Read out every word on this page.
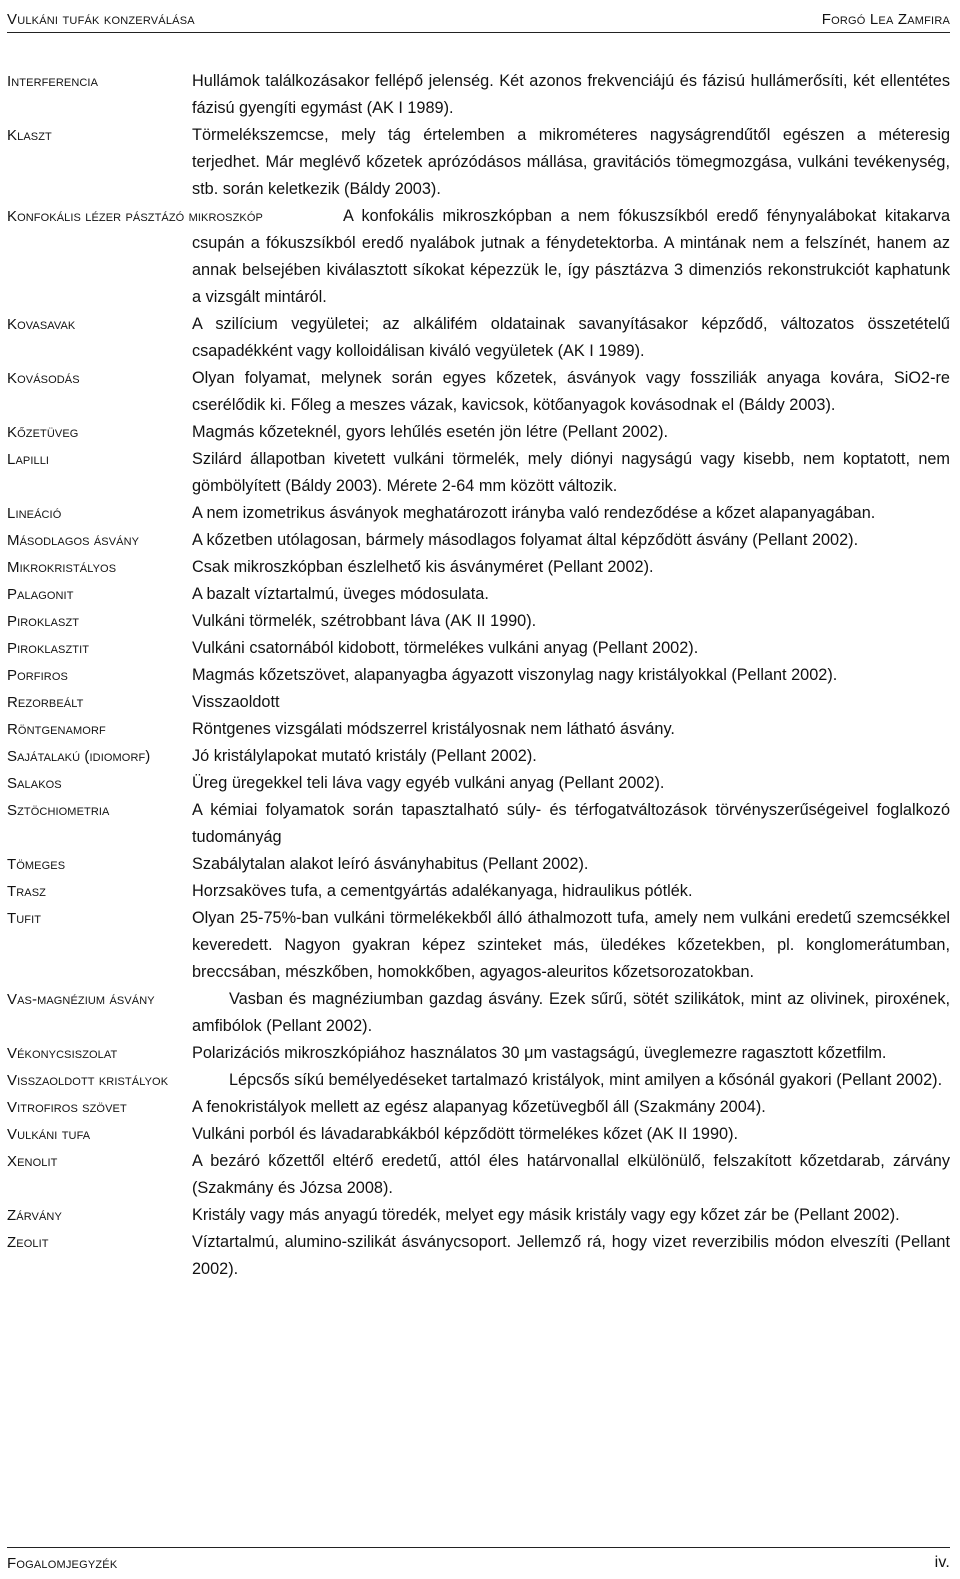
Vulkáni tufák konzerválása	Forgó Lea Zamfira
Interferencia	Hullámok találkozásakor fellépő jelenség. Két azonos frekvenciájú és fázisú hullámerősíti, két ellentétes fázisú gyengíti egymást (AK I 1989).
Klaszt	Törmelékszemcse, mely tág értelemben a mikrométeres nagyságrendűtől egészen a méteresig terjedhet. Már meglévő kőzetek aprózódásos mállása, gravitációs tömegmozgása, vulkáni tevékenység, stb. során keletkezik (Báldy 2003).
Konfokális lézer pásztázó mikroszkóp	A konfokális mikroszkópban a nem fókuszsíkból eredő fénynyalábokat kitakarva csupán a fókuszsíkból eredő nyalábok jutnak a fénydetektorba. A mintának nem a felszínét, hanem az annak belsejében kiválasztott síkokat képezzük le, így pásztázva 3 dimenziós rekonstrukciót kaphatunk a vizsgált mintáról.
Kovasavak	A szilícium vegyületei; az alkálifém oldatainak savanyításakor képződő, változatos összetételű csapadékként vagy kolloidálisan kiváló vegyületek (AK I 1989).
Kovásodás	Olyan folyamat, melynek során egyes kőzetek, ásványok vagy fossziliák anyaga kovára, SiO2-re cserélődik ki. Főleg a meszes vázak, kavicsok, kötőanyagok kovásodnak el (Báldy 2003).
Kőzetüveg	Magmás kőzeteknél, gyors lehűlés esetén jön létre (Pellant 2002).
Lapilli	Szilárd állapotban kivetett vulkáni törmelék, mely diónyi nagyságú vagy kisebb, nem koptatott, nem gömbölyített (Báldy 2003). Mérete 2-64 mm között változik.
Lineáció	A nem izometrikus ásványok meghatározott irányba való rendeződése a kőzet alapanyagában.
Másodlagos ásvány	A kőzetben utólagosan, bármely másodlagos folyamat által képződött ásvány (Pellant 2002).
Mikrokristályos	Csak mikroszkópban észlelhető kis ásványméret (Pellant 2002).
Palagonit	A bazalt víztartalmú, üveges módosulata.
Piroklaszt	Vulkáni törmelék, szétrobbant láva (AK II 1990).
Piroklasztit	Vulkáni csatornából kidobott, törmelékes vulkáni anyag (Pellant 2002).
Porfiros	Magmás kőzetszövet, alapanyagba ágyazott viszonylag nagy kristályokkal (Pellant 2002).
Rezorbeált	Visszaoldott
Röntgenamorf	Röntgenes vizsgálati módszerrel kristályosnak nem látható ásvány.
Sajátalakú (idiomorf)	Jó kristálylapokat mutató kristály (Pellant 2002).
Salakos	Üreg üregekkel teli láva vagy egyéb vulkáni anyag (Pellant 2002).
Sztöchiometria	A kémiai folyamatok során tapasztalható súly- és térfogatváltozások törvényszerűségeivel foglalkozó tudományág
Tömeges	Szabálytalan alakot leíró ásványhabitus (Pellant 2002).
Trasz	Horzsaköves tufa, a cementgyártás adalékanyaga, hidraulikus pótlék.
Tufit	Olyan 25-75%-ban vulkáni törmelékekből álló áthalmozott tufa, amely nem vulkáni eredetű szemcsékkel keveredett. Nagyon gyakran képez szinteket más, üledékes kőzetekben, pl. konglomerátumban, breccsában, mészkőben, homokkőben, agyagos-aleuritos kőzetsorozatokban.
Vas-magnézium ásvány	Vasban és magnéziumban gazdag ásvány. Ezek sűrű, sötét szilikátok, mint az olivinek, piroxének, amfibólok (Pellant 2002).
Vékonycsiszolat	Polarizációs mikroszkópiához használatos 30 μm vastagságú, üveglemezre ragasztott kőzetfilm.
Visszaoldott kristályok	Lépcsős síkú bemélyedéseket tartalmazó kristályok, mint amilyen a kősónál gyakori (Pellant 2002).
Vitrofiros szövet	A fenokristályok mellett az egész alapanyag kőzetüvegből áll (Szakmány 2004).
Vulkáni tufa	Vulkáni porból és lávadarabkákból képződött törmelékes kőzet (AK II 1990).
Xenolit	A bezáró kőzettől eltérő eredetű, attól éles határvonallal elkülönülő, felszakított kőzetdarab, zárvány (Szakmány és Józsa 2008).
Zárvány	Kristály vagy más anyagú töredék, melyet egy másik kristály vagy egy kőzet zár be (Pellant 2002).
Zeolit	Víztartalmú, alumino-szilikát ásványcsoport. Jellemző rá, hogy vizet reverzibilis módon elveszíti (Pellant 2002).
Fogalomjegyzék	iv.
